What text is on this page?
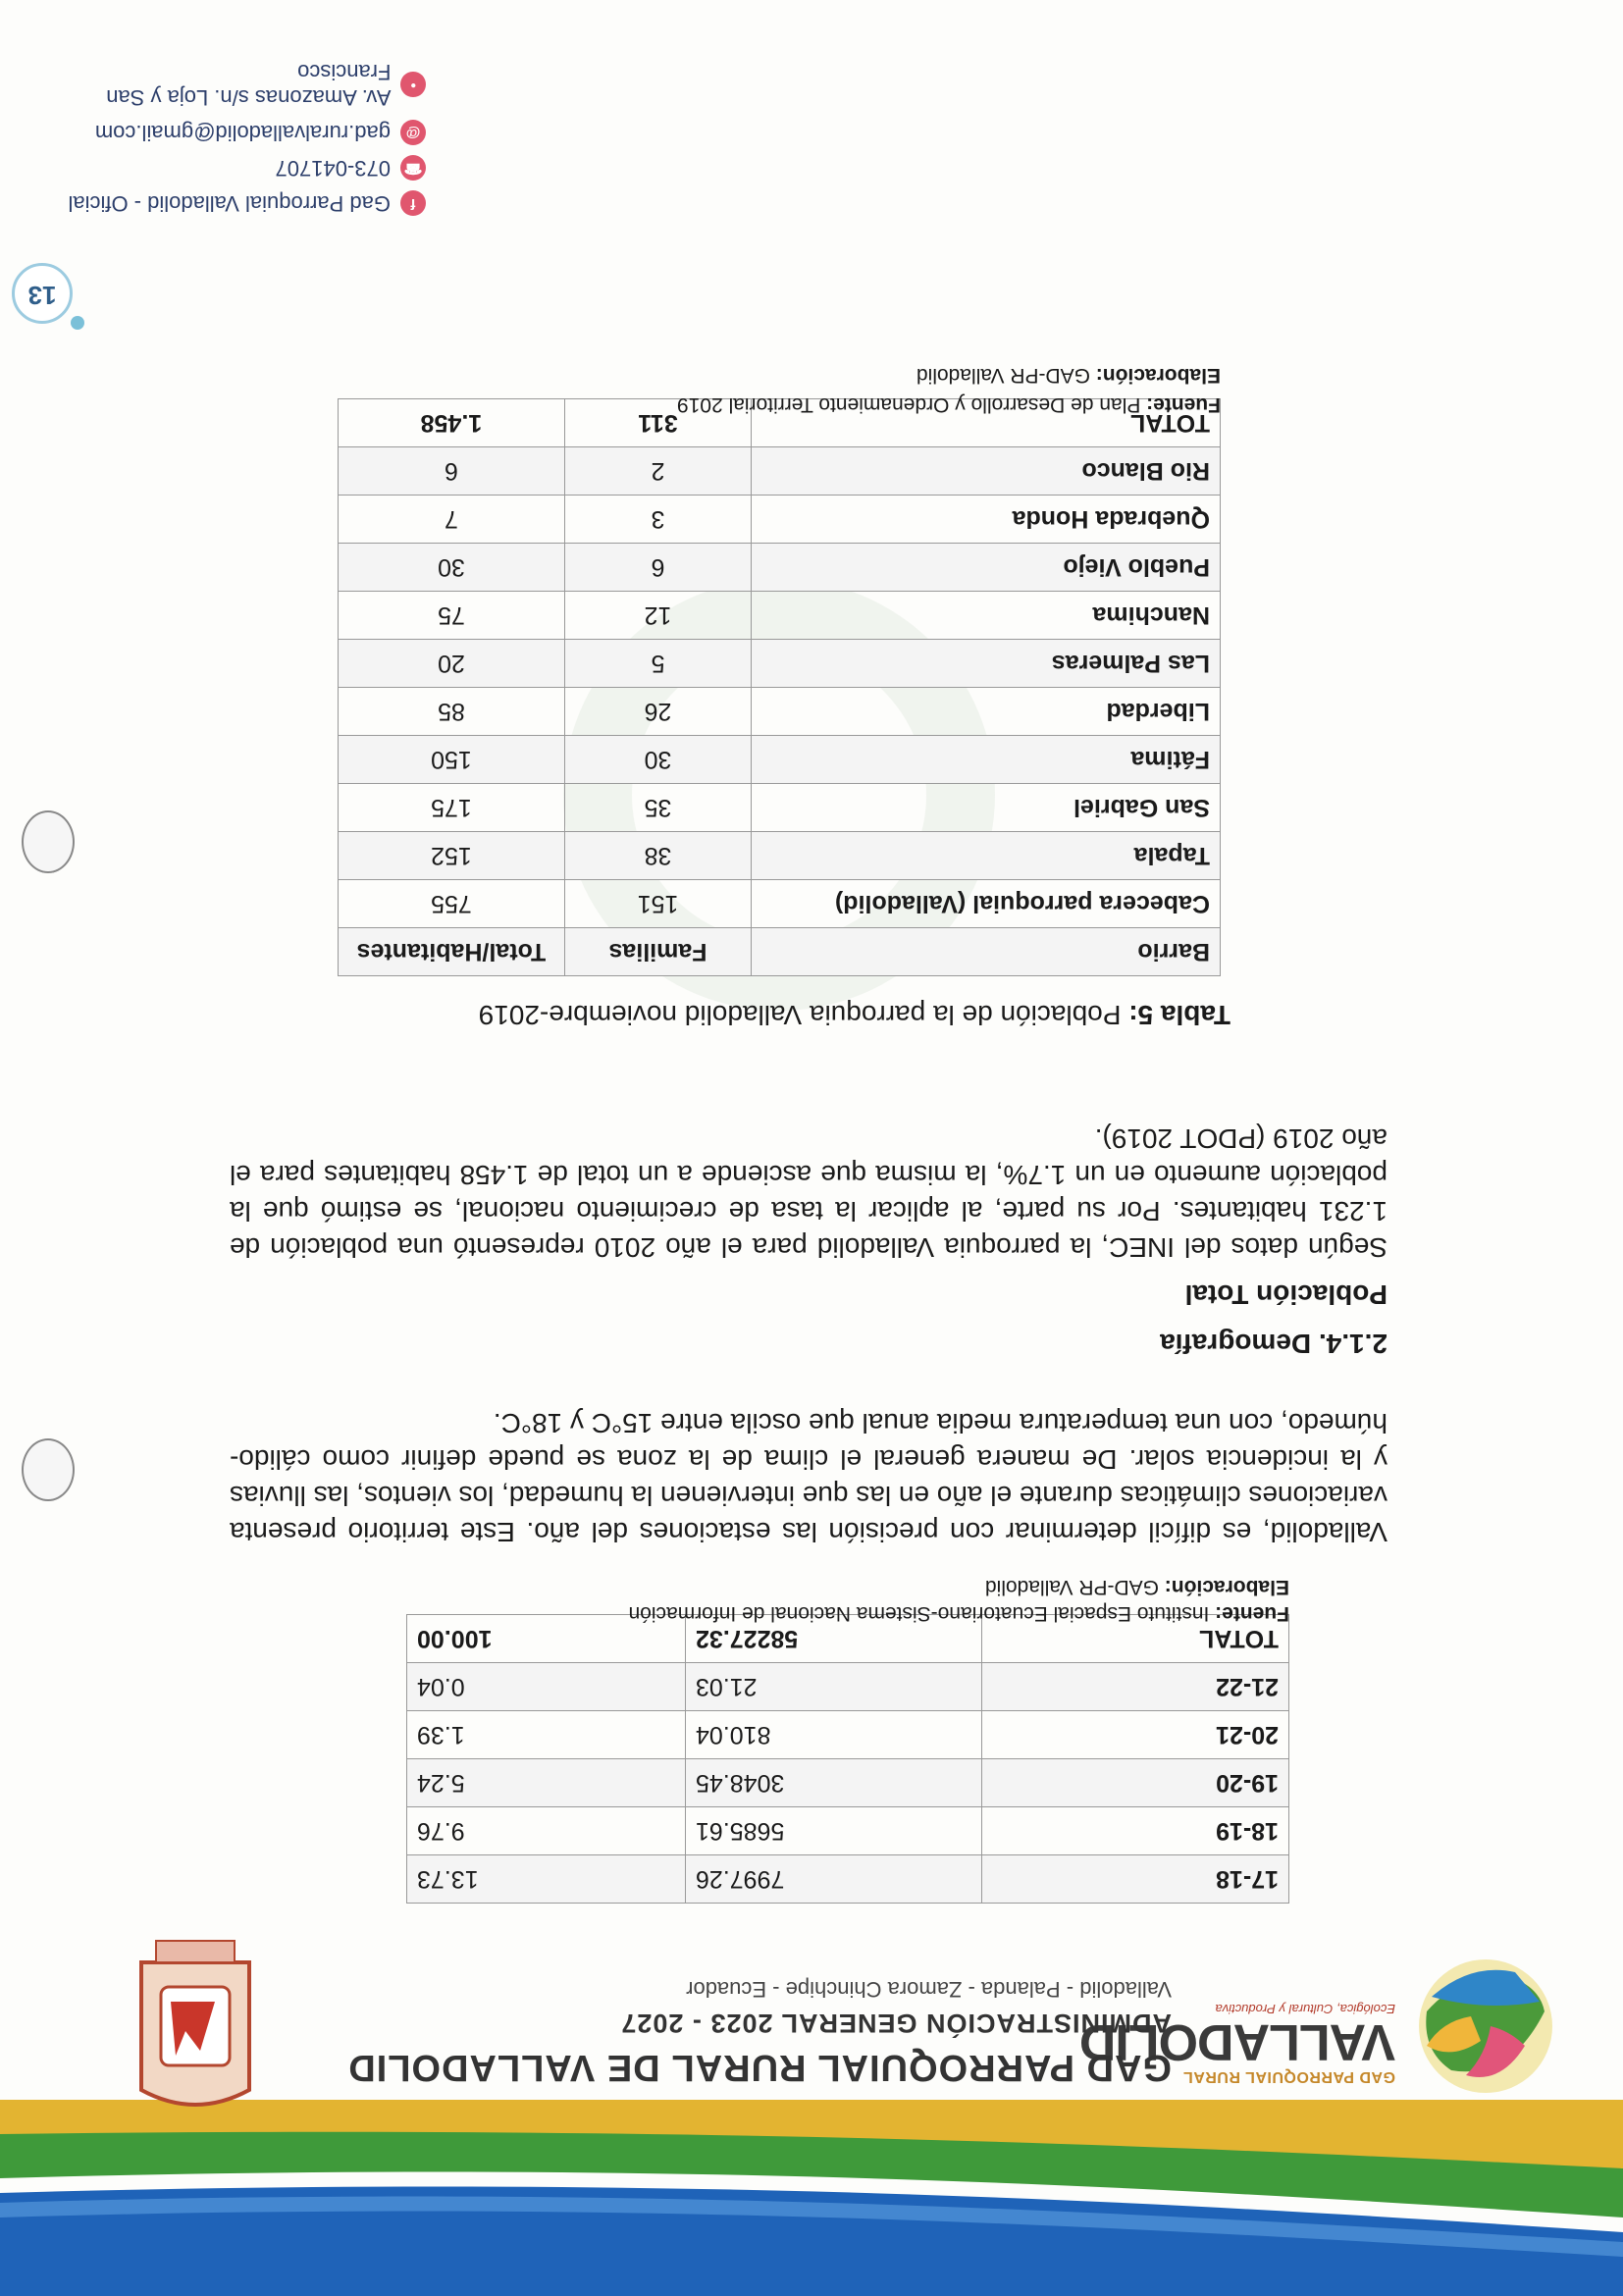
GAD PARROQUIAL RURAL
VALLADOLID
Ecológica, Cultural y Productiva
GAD PARROQUIAL RURAL DE VALLADOLID
ADMINISTRACIÓN GENERAL 2023 - 2027
Valladolid - Palanda - Zamora Chinchipe - Ecuador
17-18	7997.26	13.73
18-19	5685.61	9.76
19-20	3048.45	5.24
20-21	810.04	1.39
21-22	21.03	0.04
TOTAL	58227.32	100.00
Fuente: Instituto Espacial Ecuatoriano-Sistema Nacional de Información
Elaboración: GAD-PR Valladolid
Valladolid, es difícil determinar con precisión las estaciones del año. Este territorio presenta variaciones climáticas durante el año en las que intervienen la humedad, los vientos, las lluvias y la incidencia solar. De manera general el clima de la zona se puede definir como cálido-húmedo, con una temperatura media anual que oscila entre 15°C y 18°C.
2.1.4. Demografía
Población Total
Según datos del INEC, la parroquia Valladolid para el año 2010 representó una población de 1.231 habitantes. Por su parte, al aplicar la tasa de crecimiento nacional, se estimó que la población aumento en un 1.7%, la misma que asciende a un total de 1.458 habitantes para el año 2019 (PDOT 2019).
Tabla 5: Población de la parroquia Valladolid noviembre-2019
Barrio	Familias	Total/Habitantes
Cabecera parroquial (Valladolid)	151	755
Tapala	38	152
San Gabriel	35	175
Fátima	30	150
Liberdad	26	85
Las Palmeras	5	20
Nanchima	12	75
Pueblo Viejo	6	30
Quebrada Honda	3	7
Rio Blanco	2	6
TOTAL	311	1.458
Fuente: Plan de Desarrollo y Ordenamiento Territorial 2019
Elaboración: GAD-PR Valladolid
13
f
Gad Parroquial Valladolid - Oficial
☎
073-041707
@
gad.ruralvalladolid@gmail.com
•
Av. Amazonas s/n. Loja y San Francisco
